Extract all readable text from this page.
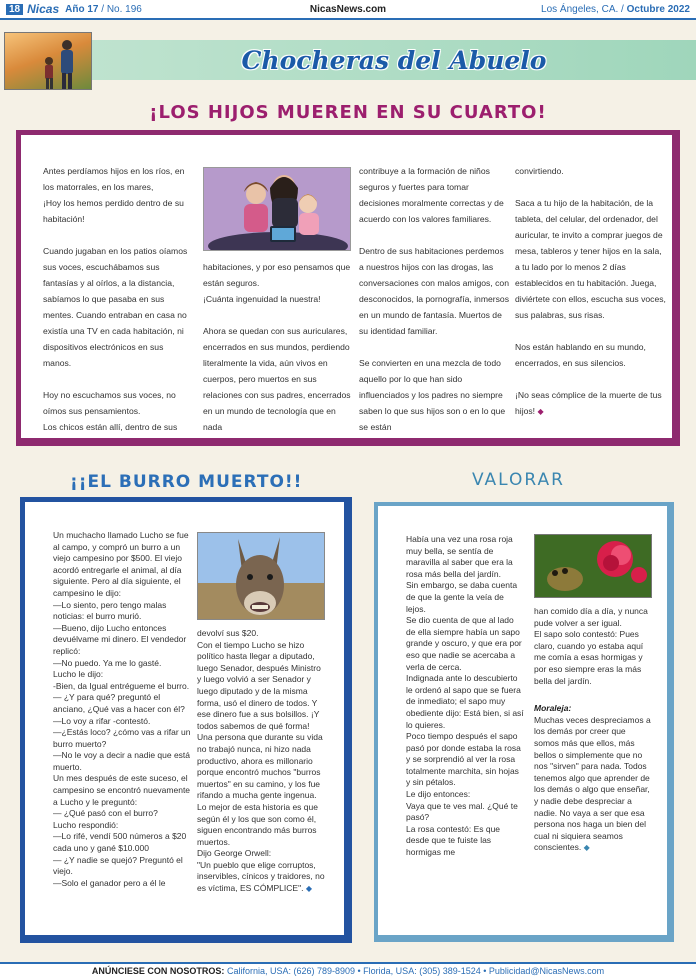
18 Nicas Año 17 / No. 196	NicasNews.com	Los Ángeles, CA. / Octubre 2022
Chocheras del Abuelo
¡LOS HIJOS MUEREN EN SU CUARTO!

Antes perdíamos hijos en los ríos, en los matorrales, en los mares,

¡Hoy los hemos perdido dentro de su habitación!

Cuando jugaban en los patios oíamos sus voces, escuchábamos sus fantasías y al oírlos, a la distancia, sabíamos lo que pasaba en sus mentes. Cuando entraban en casa no existía una TV en cada habitación, ni dispositivos electrónicos en sus manos.

Hoy no escuchamos sus voces, no oímos sus pensamientos.

Los chicos están allí, dentro de sus

habitaciones, y por eso pensamos que están seguros.

¡Cuánta ingenuidad la nuestra!

Ahora se quedan con sus auriculares, encerrados en sus mundos, perdiendo literalmente la vida, aún vivos en cuerpos, pero muertos en sus relaciones con sus padres, encerrados en un mundo de tecnología que en nada

contribuye a la formación de niños seguros y fuertes para tomar decisiones moralmente correctas y de acuerdo con los valores familiares.

Dentro de sus habitaciones perdemos a nuestros hijos con las drogas, las conversaciones con malos amigos, con desconocidos, la pornografía, inmersos en un mundo de fantasía. Muertos de su identidad familiar.

Se convierten en una mezcla de todo aquello por lo que han sido influenciados y los padres no siempre saben lo que sus hijos son o en lo que se están

convirtiendo.

Saca a tu hijo de la habitación, de la tableta, del celular, del ordenador, del auricular, te invito a comprar juegos de mesa, tableros y tener hijos en la sala, a tu lado por lo menos 2 días establecidos en tu habitación. Juega, diviértete con ellos, escucha sus voces, sus palabras, sus risas.

Nos están hablando en su mundo, encerrados, en sus silencios.

¡No seas cómplice de la muerte de tus hijos! ◆

¡¡EL BURRO MUERTO!!

Un muchacho llamado Lucho se fue al campo, y compró un burro a un viejo campesino por $500. El viejo acordó entregarle el animal, al día siguiente. Pero al día siguiente, el campesino le dijo:

—Lo siento, pero tengo malas noticias: el burro murió.

—Bueno, dijo Lucho entonces devuélvame mi dinero. El vendedor replicó:

—No puedo. Ya me lo gasté.

Lucho le dijo:

-Bien, da Igual entrégueme el burro.

— ¿Y para qué? preguntó el anciano, ¿Qué vas a hacer con él?

—Lo voy a rifar -contestó.

—¿Estás loco? ¿cómo vas a rifar un burro muerto?

—No le voy a decir a nadie que está muerto.

Un mes después de este suceso, el campesino se encontró nuevamente a Lucho y le preguntó:

— ¿Qué pasó con el burro?

Lucho respondió:

—Lo rifé, vendí 500 números a $20 cada uno y gané $10.000

— ¿Y nadie se quejó? Preguntó el viejo.

—Solo el ganador pero a él le

devolví sus $20.

Con el tiempo Lucho se hizo político hasta llegar a diputado, luego Senador, después Ministro y luego volvió a ser Senador y luego diputado y de la misma forma, usó el dinero de todos. Y ese dinero fue a sus bolsillos. ¡Y todos sabemos de qué forma!

Una persona que durante su vida no trabajó nunca, ni hizo nada productivo, ahora es millonario porque encontró muchos "burros muertos" en su camino, y los fue rifando a mucha gente ingenua.

Lo mejor de esta historia es que según él y los que son como él, siguen encontrando más burros muertos.

Dijo George Orwell:

"Un pueblo que elige corruptos, inservibles, cínicos y traidores, no es víctima, ES CÓMPLICE". ◆

VALORAR

Había una vez una rosa roja muy bella, se sentía de maravilla al saber que era la rosa más bella del jardín.

Sin embargo, se daba cuenta de que la gente la veía de lejos.

Se dio cuenta de que al lado de ella siempre había un sapo grande y oscuro, y que era por eso que nadie se acercaba a verla de cerca.

Indignada ante lo descubierto le ordenó al sapo que se fuera de inmediato; el sapo muy obediente dijo: Está bien, si así lo quieres.

Poco tiempo después el sapo pasó por donde estaba la rosa y se sorprendió al ver la rosa totalmente marchita, sin hojas y sin pétalos.

Le dijo entonces:

Vaya que te ves mal. ¿Qué te pasó?

La rosa contestó: Es que desde que te fuiste las hormigas me

han comido día a día, y nunca pude volver a ser igual.

El sapo solo contestó: Pues claro, cuando yo estaba aquí me comía a esas hormigas y por eso siempre eras la más bella del jardín.

Moraleja:

Muchas veces despreciamos a los demás por creer que somos más que ellos, más bellos o simplemente que no nos "sirven" para nada. Todos tenemos algo que aprender de los demás o algo que enseñar, y nadie debe despreciar a nadie. No vaya a ser que esa persona nos haga un bien del cual ni siquiera seamos conscientes. ◆

ANÚNCIESE CON NOSOTROS: California, USA: (626) 789-8909 • Florida, USA: (305) 389-1524 • Publicidad@NicasNews.com
